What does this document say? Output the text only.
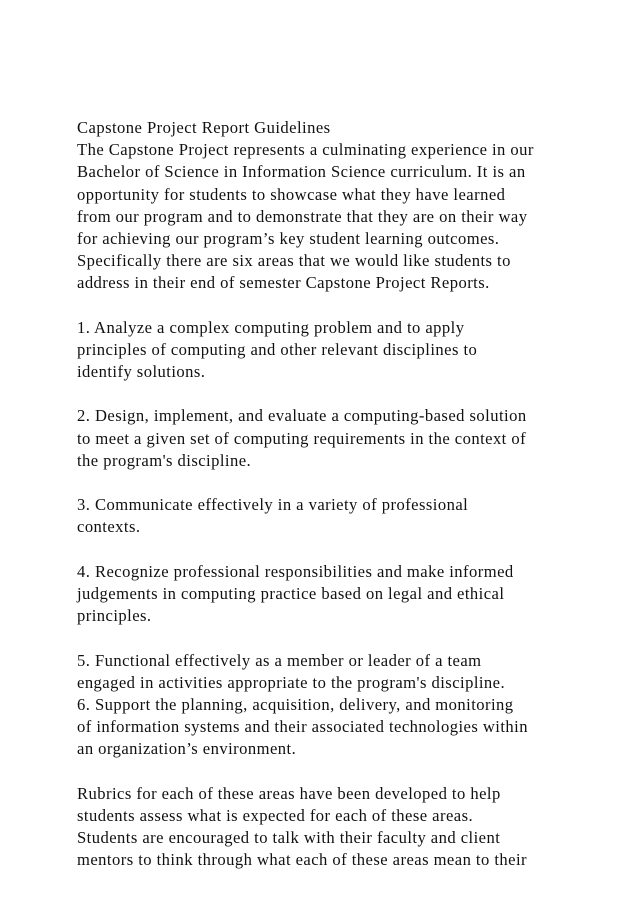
Capstone Project Report Guidelines
The Capstone Project represents a culminating experience in our
Bachelor of Science in Information Science curriculum. It is an
opportunity for students to showcase what they have learned
from our program and to demonstrate that they are on their way
for achieving our program’s key student learning outcomes.
Specifically there are six areas that we would like students to
address in their end of semester Capstone Project Reports.
1. Analyze a complex computing problem and to apply
principles of computing and other relevant disciplines to
identify solutions.
2. Design, implement, and evaluate a computing-based solution
to meet a given set of computing requirements in the context of
the program's discipline.
3. Communicate effectively in a variety of professional
contexts.
4. Recognize professional responsibilities and make informed
judgements in computing practice based on legal and ethical
principles.
5. Functional effectively as a member or leader of a team
engaged in activities appropriate to the program's discipline.
6. Support the planning, acquisition, delivery, and monitoring
of information systems and their associated technologies within
an organization’s environment.
Rubrics for each of these areas have been developed to help
students assess what is expected for each of these areas.
Students are encouraged to talk with their faculty and client
mentors to think through what each of these areas mean to their
